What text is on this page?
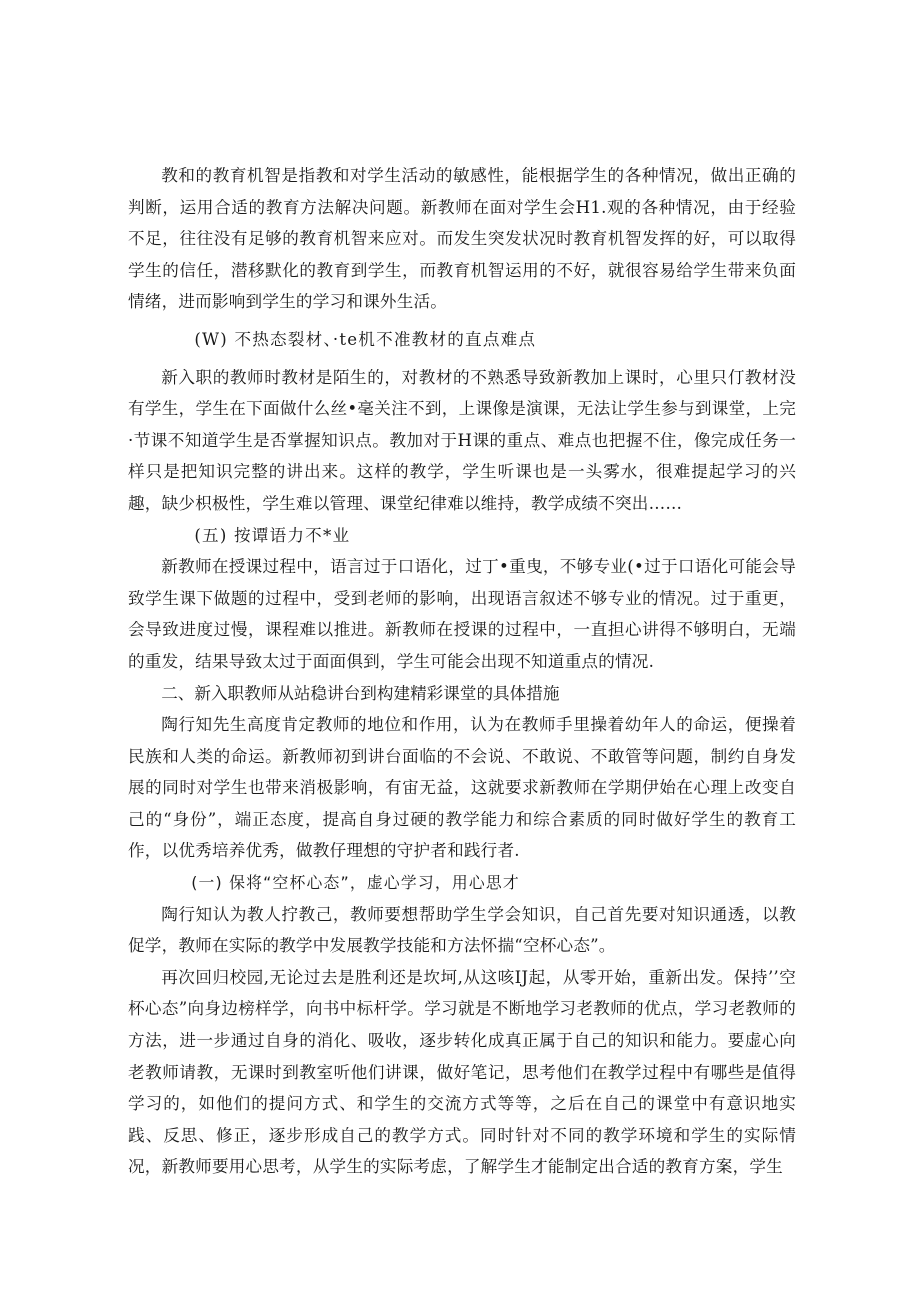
教和的教育机智是指教和对学生活动的敏感性，能根据学生的各种情况，做出正确的判断，运用合适的教育方法解决问题。新教师在面对学生会H1.观的各种情况，由于经验不足，往往没有足够的教育机智来应对。而发生突发状况时教育机智发挥的好，可以取得学生的信任，潜移默化的教育到学生，而教育机智运用的不好，就很容易给学生带来负面情绪，进而影响到学生的学习和课外生活。

(W) 不热态裂材、·te机不准教材的直点难点

新入职的教师时教材是陌生的，对教材的不熟悉导致新教加上课时，心里只仃教材没有学生，学生在下面做什么丝•毫关注不到，上课像是演课，无法让学生参与到课堂，上完·节课不知道学生是否掌握知识点。教加对于H课的重点、难点也把握不住，像完成任务一样只是把知识完整的讲出来。这样的教学，学生听课也是一头雾水，很难提起学习的兴趣，缺少枳极性，学生难以管理、课堂纪律难以维持，教学成绩不突出……

(五) 按谭语力不*业

新教师在授课过程中，语言过于口语化，过丁•重曳，不够专业(•过于口语化可能会导致学生课下做题的过程中，受到老师的影响，出现语言叙述不够专业的情况。过于重更，会导致进度过慢，课程难以推进。新教师在授课的过程中，一直担心讲得不够明白，无端的重发，结果导致太过于面面俱到，学生可能会出现不知道重点的情况.

二、新入职教师从站稳讲台到构建精彩课堂的具体措施

陶行知先生高度肯定教师的地位和作用，认为在教师手里操着幼年人的命运，便操着民族和人类的命运。新教师初到讲台面临的不会说、不敢说、不敢管等问题，制约自身发展的同时对学生也带来消极影响，有宙无益，这就要求新教师在学期伊始在心理上改变自己的“身份”，端正态度，提高自身过硬的教学能力和综合素质的同时做好学生的教育工作，以优秀培养优秀，做教仔理想的守护者和践行者.

(一) 保将“空杯心态”，虚心学习，用心思才

陶行知认为教人拧教己，教师要想帮助学生学会知识，自己首先要对知识通透，以教促学，教师在实际的教学中发展教学技能和方法怀揣“空杯心态”。

再次回归校园,无论过去是胜利还是坎坷,从这咳IJ起，从零开始，重新出发。保持’’空杯心态”向身边榜样学，向书中标杆学。学习就是不断地学习老教师的优点，学习老教师的方法，进一步通过自身的消化、吸收，逐步转化成真正属于自己的知识和能力。要虚心向老教师请教，无课时到教室听他们讲课，做好笔记，思考他们在教学过程中有哪些是值得学习的，如他们的提问方式、和学生的交流方式等等，之后在自己的课堂中有意识地实践、反思、修正，逐步形成自己的教学方式。同时针对不同的教学环境和学生的实际情况，新教师要用心思考，从学生的实际考虑，了解学生才能制定出合适的教育方案，学生
